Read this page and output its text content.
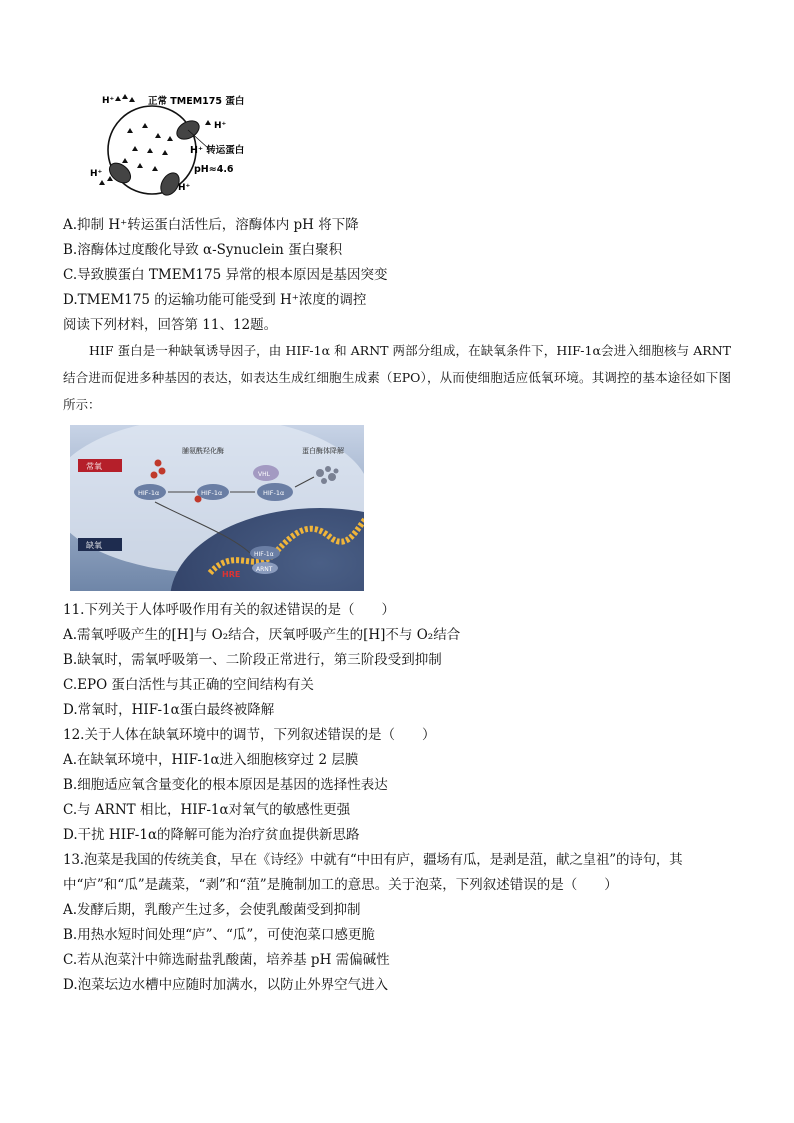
正常 TMEM175 蛋白
H⁺
H⁺
H⁺ 转运蛋白
pH≈4.6
H⁺
H⁺
A.抑制 H⁺转运蛋白活性后，溶酶体内 pH 将下降
B.溶酶体过度酸化导致 α-Synuclein 蛋白聚积
C.导致膜蛋白 TMEM175 异常的根本原因是基因突变
D.TMEM175 的运输功能可能受到 H⁺浓度的调控
阅读下列材料，回答第 11、12题。
HIF 蛋白是一种缺氧诱导因子，由 HIF-1α 和 ARNT 两部分组成，在缺氧条件下，HIF-1α会进入细胞核与 ARNT 结合进而促进多种基因的表达，如表达生成红细胞生成素（EPO），从而使细胞适应低氧环境。其调控的基本途径如下图所示：
常氧
缺氧
脯氨酰羟化酶	蛋白酶体降解
HIF-1α	HIF-1α
VHL
HIF-1α
HIF-1α
ARNT
HRE
11.下列关于人体呼吸作用有关的叙述错误的是（　　）
A.需氧呼吸产生的[H]与 O₂结合，厌氧呼吸产生的[H]不与 O₂结合
B.缺氧时，需氧呼吸第一、二阶段正常进行，第三阶段受到抑制
C.EPO 蛋白活性与其正确的空间结构有关
D.常氧时，HIF-1α蛋白最终被降解
12.关于人体在缺氧环境中的调节，下列叙述错误的是（　　）
A.在缺氧环境中，HIF-1α进入细胞核穿过 2 层膜
B.细胞适应氧含量变化的根本原因是基因的选择性表达
C.与 ARNT 相比，HIF-1α对氧气的敏感性更强
D.干扰 HIF-1α的降解可能为治疗贫血提供新思路
13.泡菜是我国的传统美食，早在《诗经》中就有“中田有庐，疆场有瓜，是剥是菹，献之皇祖”的诗句，其
中“庐”和“瓜”是蔬菜，“剥”和“菹”是腌制加工的意思。关于泡菜，下列叙述错误的是（　　）
A.发酵后期，乳酸产生过多，会使乳酸菌受到抑制
B.用热水短时间处理“庐”、“瓜”，可使泡菜口感更脆
C.若从泡菜汁中筛选耐盐乳酸菌，培养基 pH 需偏碱性
D.泡菜坛边水槽中应随时加满水，以防止外界空气进入
